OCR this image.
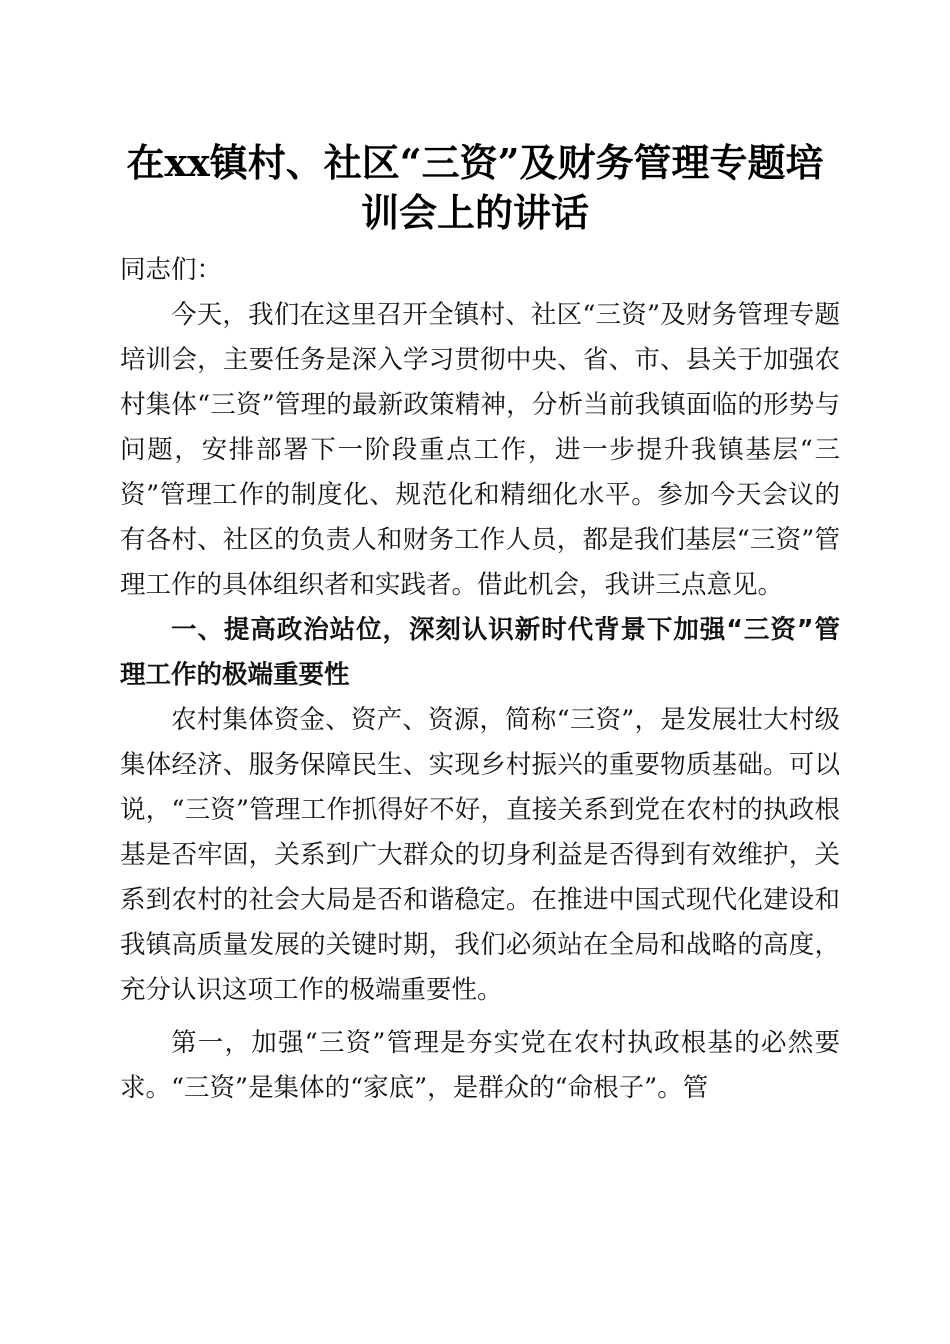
在xx镇村、社区“三资”及财务管理专题培
训会上的讲话

同志们：

今天，我们在这里召开全镇村、社区“三资”及财务管理专题培训会，主要任务是深入学习贯彻中央、省、市、县关于加强农村集体“三资”管理的最新政策精神，分析当前我镇面临的形势与问题，安排部署下一阶段重点工作，进一步提升我镇基层“三资”管理工作的制度化、规范化和精细化水平。参加今天会议的有各村、社区的负责人和财务工作人员，都是我们基层“三资”管理工作的具体组织者和实践者。借此机会，我讲三点意见。

一、提高政治站位，深刻认识新时代背景下加强“三资”管理工作的极端重要性

农村集体资金、资产、资源，简称“三资”，是发展壮大村级集体经济、服务保障民生、实现乡村振兴的重要物质基础。可以说，“三资”管理工作抓得好不好，直接关系到党在农村的执政根基是否牢固，关系到广大群众的切身利益是否得到有效维护，关系到农村的社会大局是否和谐稳定。在推进中国式现代化建设和我镇高质量发展的关键时期，我们必须站在全局和战略的高度，充分认识这项工作的极端重要性。

第一，加强“三资”管理是夯实党在农村执政根基的必然要求。“三资”是集体的“家底”，是群众的“命根子”。管
